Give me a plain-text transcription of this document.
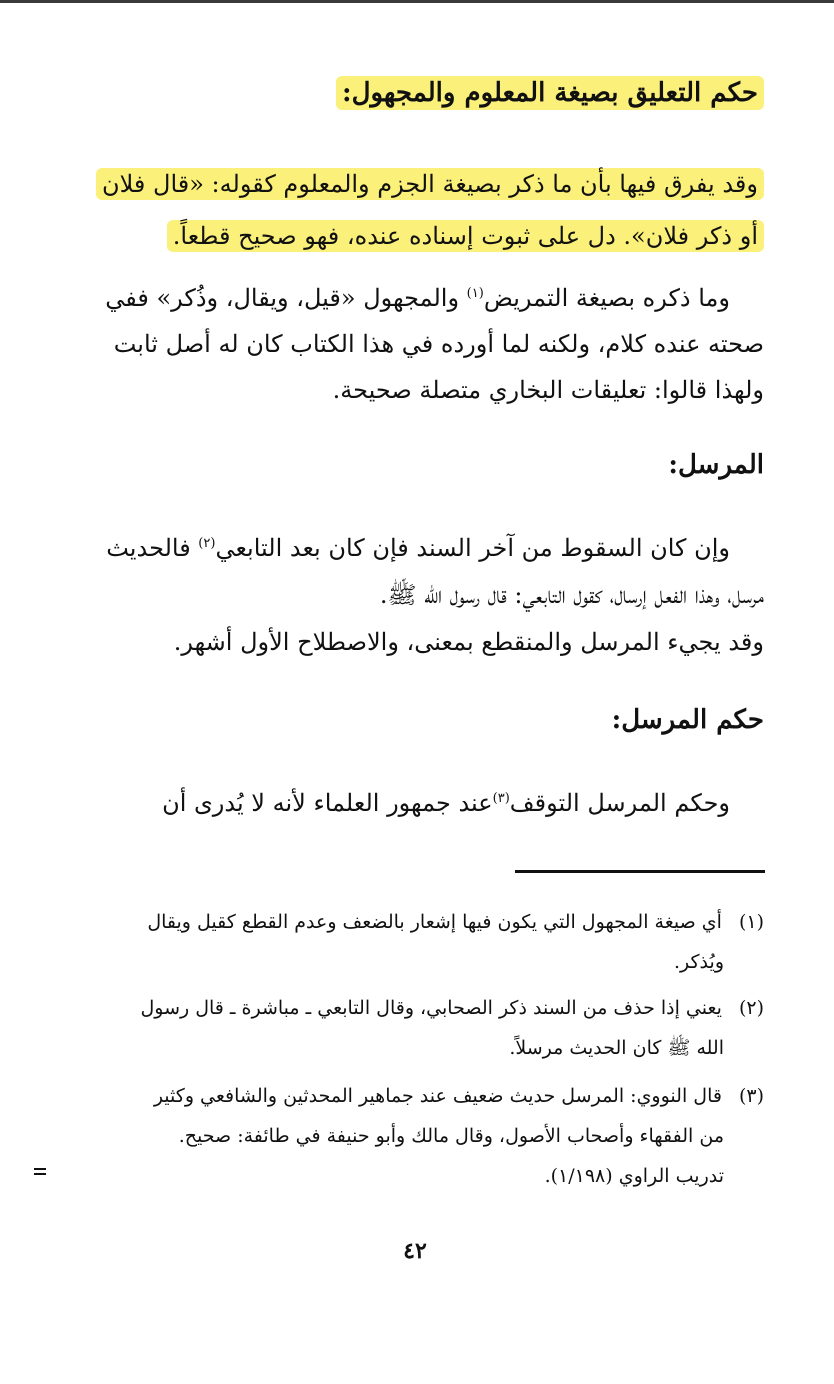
حكم التعليق بصيغة المعلوم والمجهول:
وقد يفرق فيها بأن ما ذكر بصيغة الجزم والمعلوم كقوله: «قال فلان
أو ذكر فلان». دل على ثبوت إسناده عنده، فهو صحيح قطعاً.
وما ذكره بصيغة التمريض$^{(١)}$ والمجهول «قيل، ويقال، وذُكر» ففي
صحته عنده كلام، ولكنه لما أورده في هذا الكتاب كان له أصل ثابت
ولهذا قالوا: تعليقات البخاري متصلة صحيحة.
المرسل:
وإن كان السقوط من آخر السند فإن كان بعد التابعي$^{(٢)}$ فالحديث
مرسل، وهذا الفعل إرسال، كقول التابعي: قال رسول الله ﷺ.
وقد يجيء المرسل والمنقطع بمعنى، والاصطلاح الأول أشهر.
حكم المرسل:
وحكم المرسل التوقف$^{(٣)}$عند جمهور العلماء لأنه لا يُدرى أن
(١) أي صيغة المجهول التي يكون فيها إشعار بالضعف وعدم القطع كقيل ويقال
ويُذكر.
(٢) يعني إذا حذف من السند ذكر الصحابي، وقال التابعي ـ مباشرة ـ قال رسول
الله ﷺ كان الحديث مرسلاً.
(٣) قال النووي: المرسل حديث ضعيف عند جماهير المحدثين والشافعي وكثير
من الفقهاء وأصحاب الأصول، وقال مالك وأبو حنيفة في طائفة: صحيح.
تدريب الراوي (١/١٩٨).
٤٢
